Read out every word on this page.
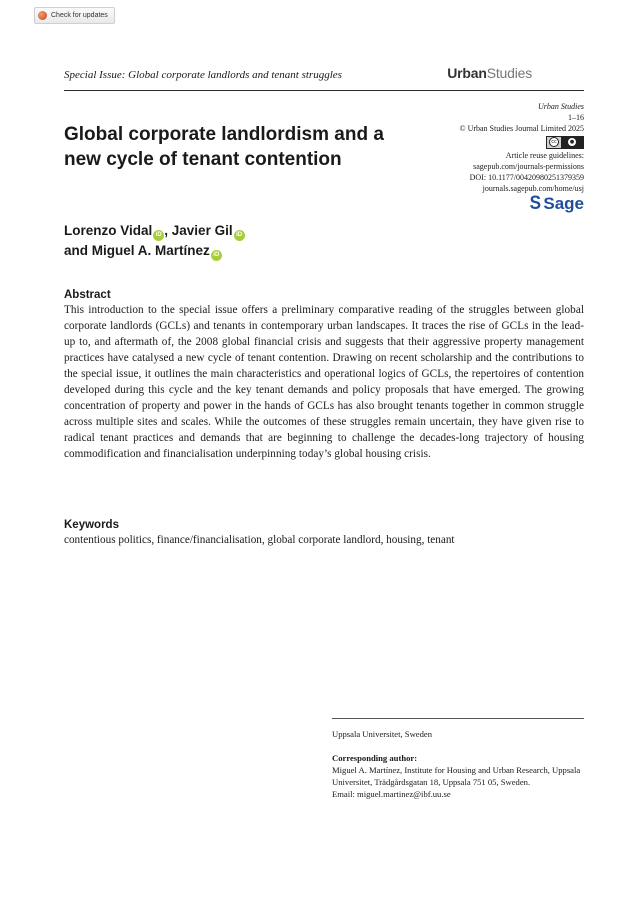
Check for updates
Special Issue: Global corporate landlords and tenant struggles	UrbanStudies
Urban Studies
1–16
© Urban Studies Journal Limited 2025
cc	●
Article reuse guidelines:
sagepub.com/journals-permissions
DOI: 10.1177/00420980251379359
journals.sagepub.com/home/usj
S Sage
Global corporate landlordism and a new cycle of tenant contention

Lorenzo Vidal iD , Javier Gil iD
and Miguel A. Martínez iD

Abstract

This introduction to the special issue offers a preliminary comparative reading of the struggles between global corporate landlords (GCLs) and tenants in contemporary urban landscapes. It traces the rise of GCLs in the lead-up to, and aftermath of, the 2008 global financial crisis and suggests that their aggressive property management practices have catalysed a new cycle of tenant contention. Drawing on recent scholarship and the contributions to the special issue, it outlines the main characteristics and operational logics of GCLs, the repertoires of contention developed during this cycle and the key tenant demands and policy proposals that have emerged. The growing concentration of property and power in the hands of GCLs has also brought tenants together in common struggle across multiple sites and scales. While the outcomes of these struggles remain uncertain, they have given rise to radical tenant practices and demands that are beginning to challenge the decades-long trajectory of housing commodification and financialisation underpinning today’s global housing crisis.

Keywords

contentious politics, finance/financialisation, global corporate landlord, housing, tenant

Uppsala Universitet, Sweden

Corresponding author:

Miguel A. Martínez, Institute for Housing and Urban Research, Uppsala Universitet, Trädgårdsgatan 18, Uppsala 751 05, Sweden.

Email: miguel.martinez@ibf.uu.se
